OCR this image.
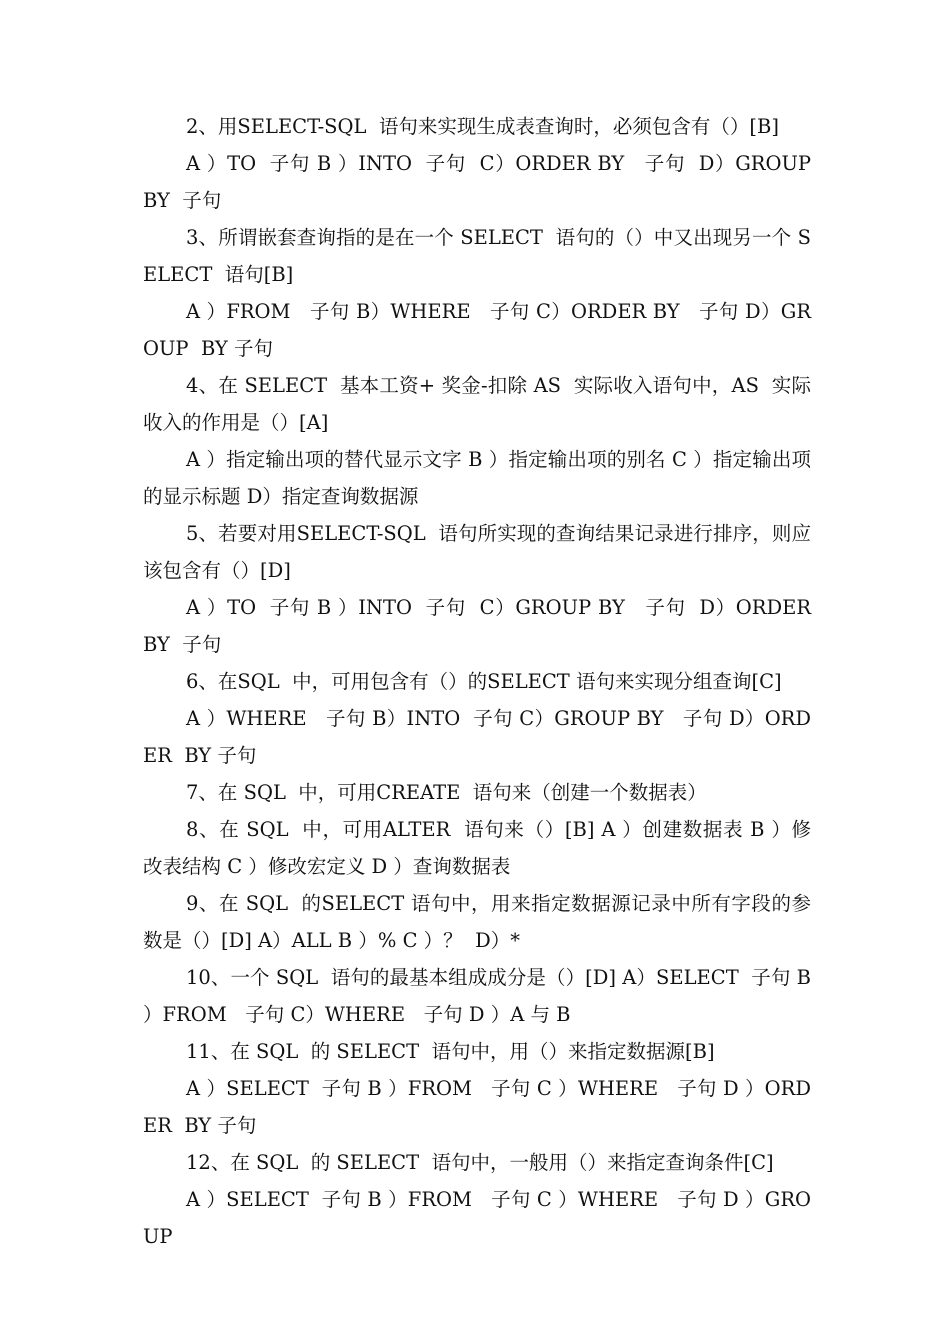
2、用SELECT-SQL  语句来实现生成表查询时，必须包含有（）[B]

A ）TO  子句 B ）INTO  子句  C）ORDER BY   子句  D）GROUP BY  子句

3、所谓嵌套查询指的是在一个 SELECT  语句的（）中又出现另一个 SELECT  语句[B]

A ）FROM   子句 B）WHERE   子句 C）ORDER BY   子句 D）GROUP  BY 子句

4、在 SELECT  基本工资+ 奖金-扣除 AS  实际收入语句中，AS  实际收入的作用是（）[A]

A ）指定输出项的替代显示文字 B ）指定输出项的别名 C ）指定输出项的显示标题 D）指定查询数据源

5、若要对用SELECT-SQL  语句所实现的查询结果记录进行排序，则应该包含有（）[D]

A ）TO  子句 B ）INTO  子句  C）GROUP BY   子句  D）ORDER   BY  子句

6、在SQL  中，可用包含有（）的SELECT 语句来实现分组查询[C]

A ）WHERE   子句 B）INTO  子句 C）GROUP BY   子句 D）ORDER  BY 子句

7、在 SQL  中，可用CREATE  语句来（创建一个数据表）

8、在 SQL  中，可用ALTER  语句来（）[B] A ）创建数据表 B ）修改表结构 C ）修改宏定义 D ）查询数据表

9、在 SQL  的SELECT 语句中，用来指定数据源记录中所有字段的参数是（）[D] A）ALL B ）% C ）？  D）*

10、一个 SQL  语句的最基本组成成分是（）[D] A）SELECT  子句 B ）FROM   子句 C）WHERE   子句 D ）A 与 B

11、在 SQL  的 SELECT  语句中，用（）来指定数据源[B]

A ）SELECT  子句 B ）FROM   子句 C ）WHERE   子句 D ）ORDER  BY 子句

12、在 SQL  的 SELECT  语句中，一般用（）来指定查询条件[C]

A ）SELECT  子句 B ）FROM   子句 C ）WHERE   子句 D ）GROUP
